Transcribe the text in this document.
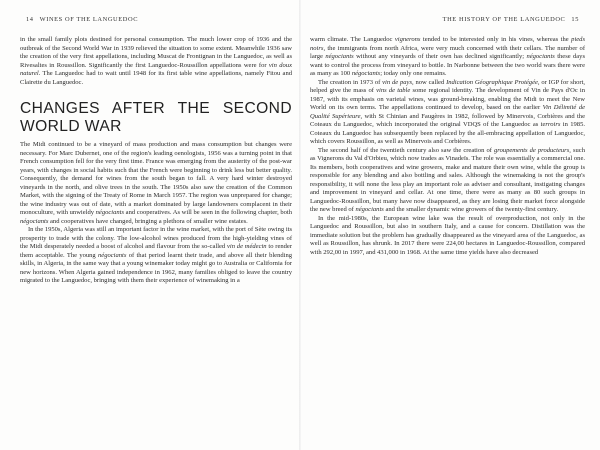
14 WINES OF THE LANGUEDOC

in the small family plots destined for personal consumption. The much lower crop of 1936 and the outbreak of the Second World War in 1939 relieved the situation to some extent. Meanwhile 1936 saw the creation of the very first appellations, including Muscat de Frontignan in the Languedoc, as well as Rivesaltes in Roussillon. Significantly the first Languedoc-Roussillon appellations were for vin doux naturel. The Languedoc had to wait until 1948 for its first table wine appellations, namely Fitou and Clairette du Languedoc.

CHANGES AFTER THE SECOND WORLD WAR

The Midi continued to be a vineyard of mass production and mass consumption but changes were necessary. For Marc Dubernet, one of the region's leading oenologists, 1956 was a turning point in that French consumption fell for the very first time. France was emerging from the austerity of the post-war years, with changes in social habits such that the French were beginning to drink less but better quality. Consequently, the demand for wines from the south began to fall. A very hard winter destroyed vineyards in the north, and olive trees in the south. The 1950s also saw the creation of the Common Market, with the signing of the Treaty of Rome in March 1957. The region was unprepared for change; the wine industry was out of date, with a market dominated by large landowners complacent in their monoculture, with unwieldy négociants and cooperatives. As will be seen in the following chapter, both négociants and cooperatives have changed, bringing a plethora of smaller wine estates.

In the 1950s, Algeria was still an important factor in the wine market, with the port of Sète owing its prosperity to trade with the colony. The low-alcohol wines produced from the high-yielding vines of the Midi desperately needed a boost of alcohol and flavour from the so-called vin de médecin to render them acceptable. The young négociants of that period learnt their trade, and above all their blending skills, in Algeria, in the same way that a young winemaker today might go to Australia or California for new horizons. When Algeria gained independence in 1962, many families obliged to leave the country migrated to the Languedoc, bringing with them their experience of winemaking in a

THE HISTORY OF THE LANGUEDOC 15

warm climate. The Languedoc vignerons tended to be interested only in his vines, whereas the pieds noirs, the immigrants from north Africa, were very much concerned with their cellars. The number of large négociants without any vineyards of their own has declined significantly; négociants these days want to control the process from vineyard to bottle. In Narbonne between the two world wars there were as many as 100 négociants; today only one remains.

The creation in 1973 of vin de pays, now called Indication Géographique Protégée, or IGP for short, helped give the mass of vins de table some regional identity. The development of Vin de Pays d'Oc in 1987, with its emphasis on varietal wines, was ground-breaking, enabling the Midi to meet the New World on its own terms. The appellations continued to develop, based on the earlier Vin Délimité de Qualité Supérieure, with St Chinian and Faugères in 1982, followed by Minervois, Corbières and the Coteaux du Languedoc, which incorporated the original VDQS of the Languedoc as terroirs in 1985. Coteaux du Languedoc has subsequently been replaced by the all-embracing appellation of Languedoc, which covers Roussillon, as well as Minervois and Corbières.

The second half of the twentieth century also saw the creation of groupements de producteurs, such as Vignerons du Val d'Orbieu, which now trades as Vinadeïs. The role was essentially a commercial one. Its members, both cooperatives and wine growers, make and mature their own wine, while the group is responsible for any blending and also bottling and sales. Although the winemaking is not the group's responsibility, it will none the less play an important role as adviser and consultant, instigating changes and improvement in vineyard and cellar. At one time, there were as many as 80 such groups in Languedoc-Roussillon, but many have now disappeared, as they are losing their market force alongside the new breed of négociants and the smaller dynamic wine growers of the twenty-first century.

In the mid-1980s, the European wine lake was the result of overproduction, not only in the Languedoc and Roussillon, but also in southern Italy, and a cause for concern. Distillation was the immediate solution but the problem has gradually disappeared as the vineyard area of the Languedoc, as well as Roussillon, has shrunk. In 2017 there were 224,00 hectares in Languedoc-Roussillon, compared with 292,00 in 1997, and 431,000 in 1968. At the same time yields have also decreased
